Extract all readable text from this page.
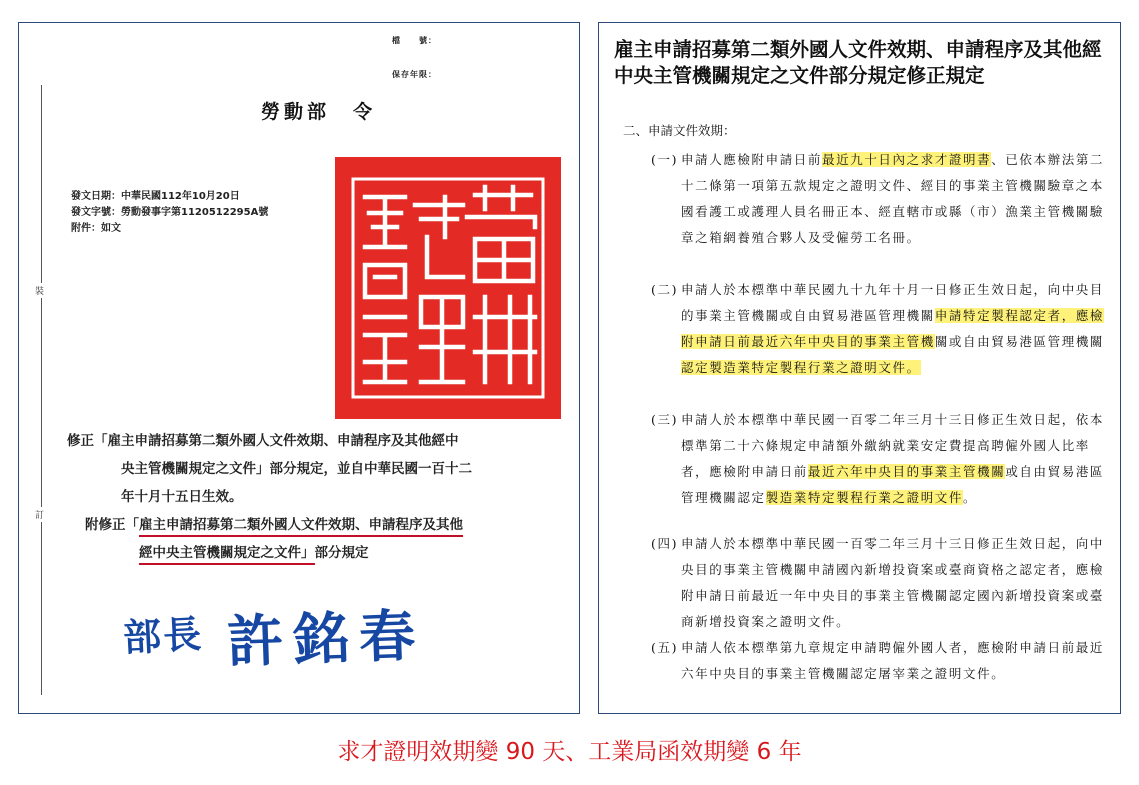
檔　　號：
保存年限：
勞動部　令
發文日期：中華民國112年10月20日
發文字號：勞動發事字第1120512295A號
附件：如文
裝
訂
修正「雇主申請招募第二類外國人文件效期、申請程序及其他經中
央主管機關規定之文件」部分規定，並自中華民國一百十二
年十月十五日生效。
附修正「雇主申請招募第二類外國人文件效期、申請程序及其他
經中央主管機關規定之文件」部分規定
部長 許銘春
雇主申請招募第二類外國人文件效期、申請程序及其他經中央主管機關規定之文件部分規定修正規定
二、申請文件效期：
(一) 申請人應檢附申請日前最近九十日內之求才證明書、已依本辦法第二十二條第一項第五款規定之證明文件、經目的事業主管機關驗章之本國看護工或護理人員名冊正本、經直轄市或縣（市）漁業主管機關驗章之箱網養殖合夥人及受僱勞工名冊。
(二) 申請人於本標準中華民國九十九年十月一日修正生效日起，向中央目的事業主管機關或自由貿易港區管理機關申請特定製程認定者，應檢附申請日前最近六年中央目的事業主管機關或自由貿易港區管理機關認定製造業特定製程行業之證明文件。
(三) 申請人於本標準中華民國一百零二年三月十三日修正生效日起，依本標準第二十六條規定申請額外繳納就業安定費提高聘僱外國人比率者，應檢附申請日前最近六年中央目的事業主管機關或自由貿易港區管理機關認定製造業特定製程行業之證明文件。
(四) 申請人於本標準中華民國一百零二年三月十三日修正生效日起，向中央目的事業主管機關申請國內新增投資案或臺商資格之認定者，應檢附申請日前最近一年中央目的事業主管機關認定國內新增投資案或臺商新增投資案之證明文件。
(五) 申請人依本標準第九章規定申請聘僱外國人者，應檢附申請日前最近六年中央目的事業主管機關認定屠宰業之證明文件。
求才證明效期變 90 天、工業局函效期變 6 年
